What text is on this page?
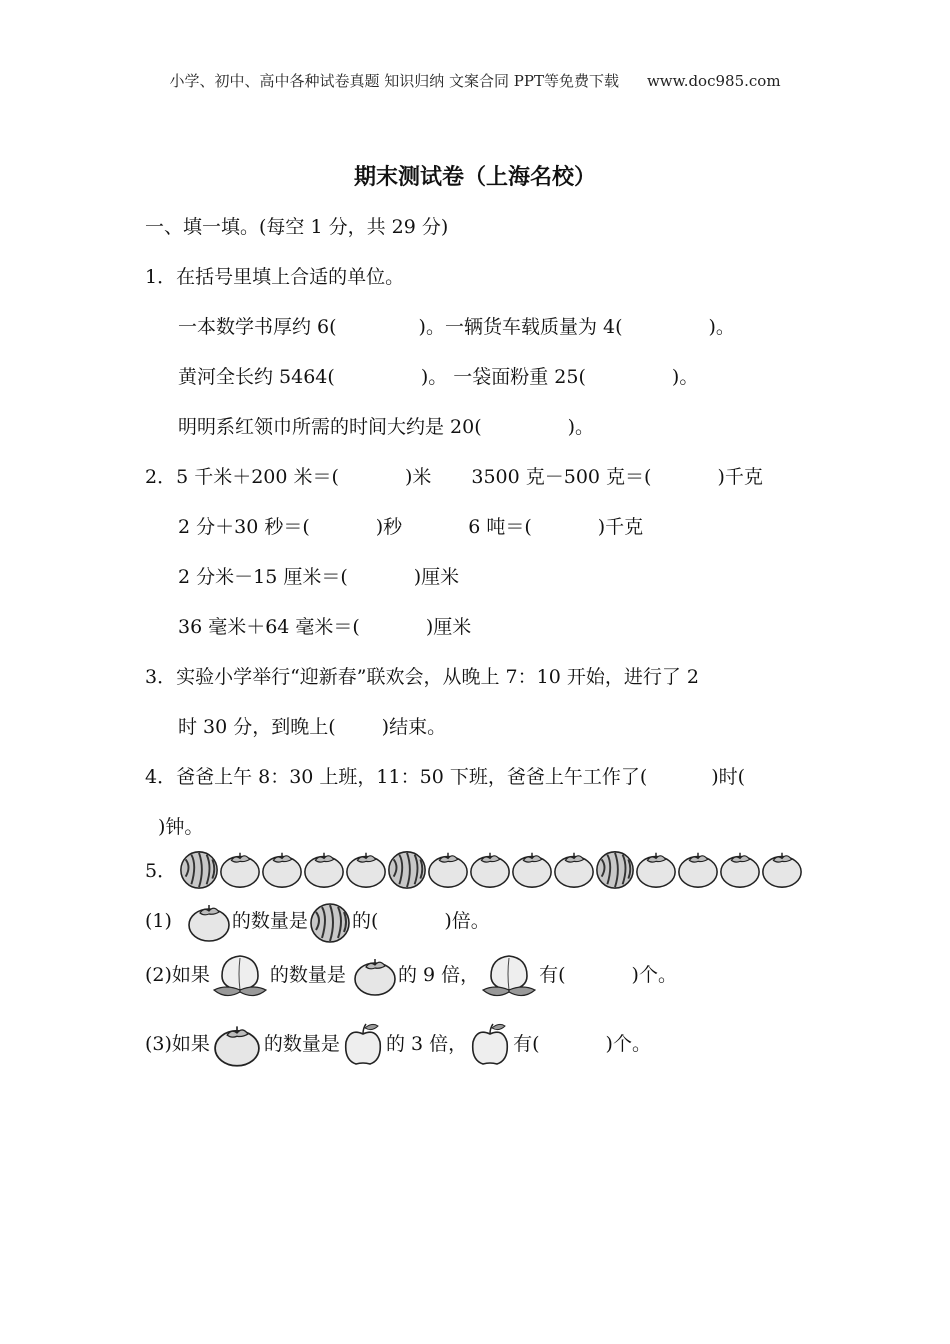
小学、初中、高中各种试卷真题 知识归纳 文案合同 PPT等免费下载 www.doc985.com
期末测试卷（上海名校）
一、填一填。(每空 1 分，共 29 分)
1．在括号里填上合适的单位。
一本数学书厚约 6(	)。一辆货车载质量为 4(	)。
黄河全长约 5464(	)。 一袋面粉重 25(	)。
明明系红领巾所需的时间大约是 20(	)。
2．5 千米＋200 米＝(	)米 3500 克－500 克＝(	)千克
2 分＋30 秒＝(	)秒	6 吨＝(	)千克
2 分米－15 厘米＝(	)厘米
36 毫米＋64 毫米＝(	)厘米
3．实验小学举行“迎新春”联欢会，从晚上 7：10 开始，进行了 2
时 30 分，到晚上( )结束。
4．爸爸上午 8：30 上班，11：50 下班，爸爸上午工作了(	)时(
)钟。
5．
(1)	的数量是 的(	)倍。
(2)如果	的数量是	的 9 倍，	有(	)个。
(3)如果	的数量是 的 3 倍， 有(	)个。
